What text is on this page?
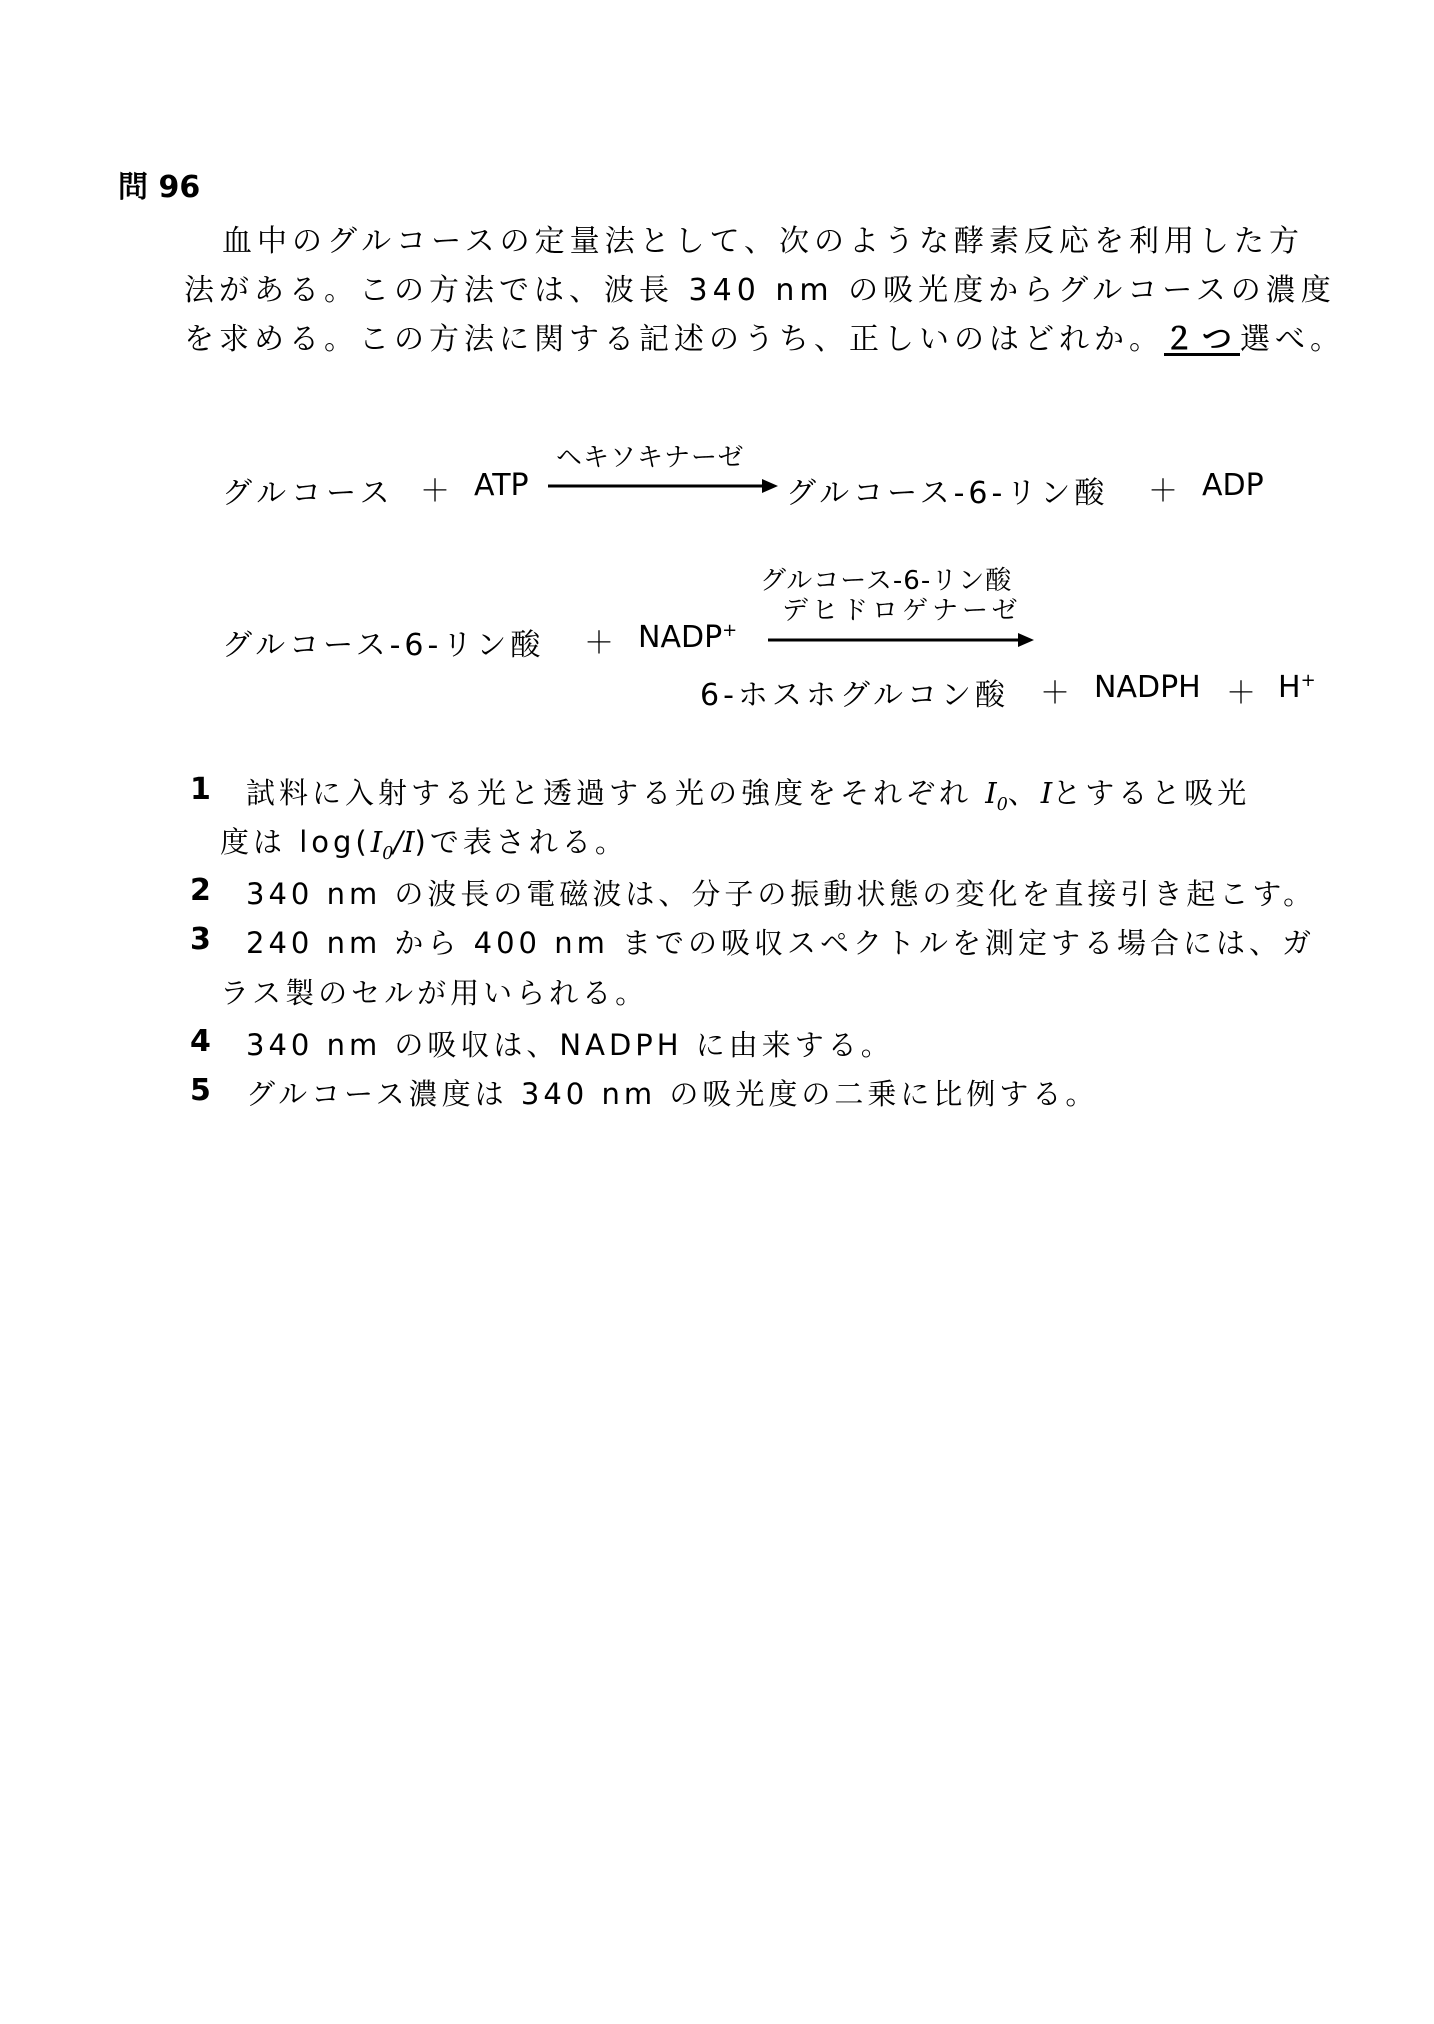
問 96
血中のグルコースの定量法として、次のような酵素反応を利用した方
法がある。この方法では、波長 340 nm の吸光度からグルコースの濃度
を求める。この方法に関する記述のうち、正しいのはどれか。２つ選べ。
グルコース ＋ ATP
ヘキソキナーゼ
グルコース-6-リン酸 ＋ ADP
グルコース-6-リン酸
デヒドロゲナーゼ
グルコース-6-リン酸 ＋ NADP+
6-ホスホグルコン酸 ＋ NADPH ＋ H+
1 試料に入射する光と透過する光の強度をそれぞれ $I_0$、Iとすると吸光
度は $\log(I_0/I)$で表される。
2 340 nm の波長の電磁波は、分子の振動状態の変化を直接引き起こす。
3 240 nm から 400 nm までの吸収スペクトルを測定する場合には、ガ
ラス製のセルが用いられる。
4 340 nm の吸収は、NADPH に由来する。
5 グルコース濃度は 340 nm の吸光度の二乗に比例する。
